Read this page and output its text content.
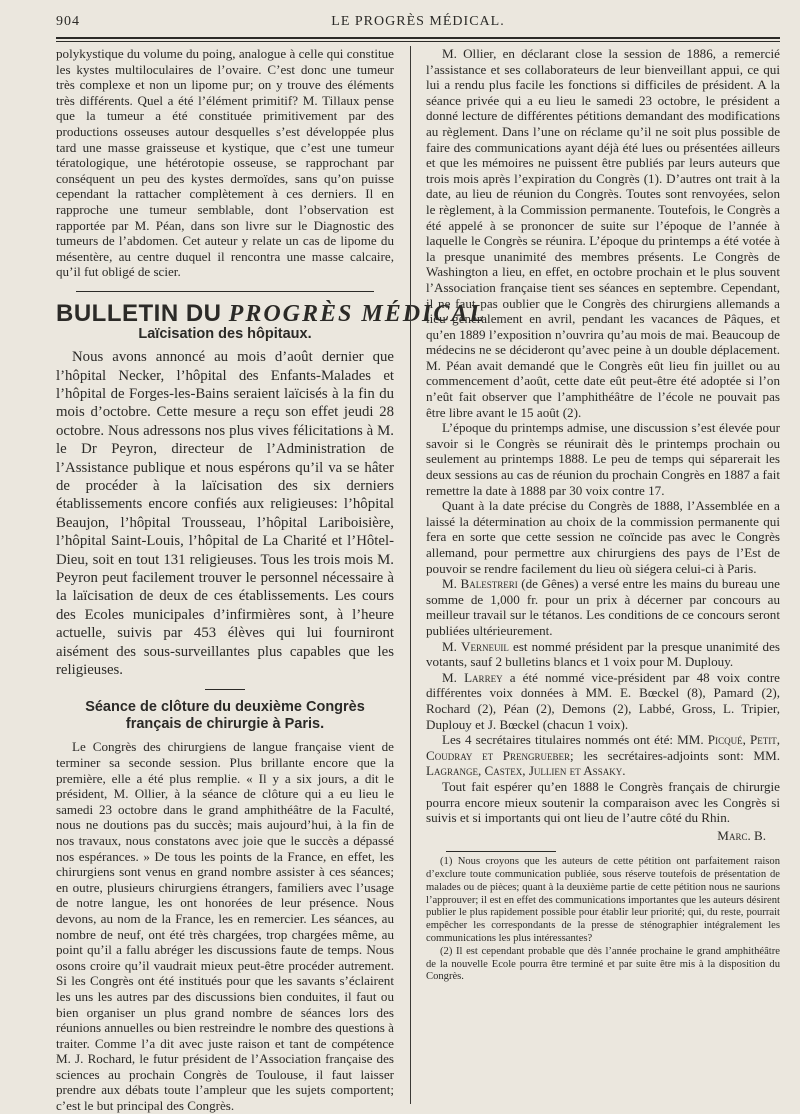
904	LE PROGRÈS MÉDICAL.

polykystique du volume du poing, analogue à celle qui constitue les kystes multiloculaires de l’ovaire. C’est donc une tumeur très complexe et non un lipome pur; on y trouve des éléments très différents. Quel a été l’élément primitif? M. Tillaux pense que la tumeur a été constituée primitivement par des productions osseuses autour desquelles s’est développée plus tard une masse graisseuse et kystique, que c’est une tumeur tératologique, une hétérotopie osseuse, se rapprochant par conséquent un peu des kystes dermoïdes, sans qu’on puisse cependant la rattacher complètement à ces derniers. Il en rapproche une tumeur semblable, dont l’observation est rapportée par M. Péan, dans son livre sur le Diagnostic des tumeurs de l’abdomen. Cet auteur y relate un cas de lipome du mésentère, au centre duquel il rencontra une masse calcaire, qu’il fut obligé de scier.

BULLETIN DU PROGRÈS MÉDICAL
Laïcisation des hôpitaux.

Nous avons annoncé au mois d’août dernier que l’hôpital Necker, l’hôpital des Enfants-Malades et l’hôpital de Forges-les-Bains seraient laïcisés à la fin du mois d’octobre. Cette mesure a reçu son effet jeudi 28 octobre. Nous adressons nos plus vives félicitations à M. le Dr Peyron, directeur de l’Administration de l’Assistance publique et nous espérons qu’il va se hâter de procéder à la laïcisation des six derniers établissements encore confiés aux religieuses: l’hôpital Beaujon, l’hôpital Trousseau, l’hôpital Lariboisière, l’hôpital Saint-Louis, l’hôpital de La Charité et l’Hôtel-Dieu, soit en tout 131 religieuses. Tous les trois mois M. Peyron peut facilement trouver le personnel nécessaire à la laïcisation de deux de ces établissements. Les cours des Ecoles municipales d’infirmières sont, à l’heure actuelle, suivis par 453 élèves qui lui fourniront aisément des sous-surveillantes plus capables que les religieuses.

Séance de clôture du deuxième Congrès français de chirurgie à Paris.

Le Congrès des chirurgiens de langue française vient de terminer sa seconde session. Plus brillante encore que la première, elle a été plus remplie. « Il y a six jours, a dit le président, M. Ollier, à la séance de clôture qui a eu lieu le samedi 23 octobre dans le grand amphithéâtre de la Faculté, nous ne doutions pas du succès; mais aujourd’hui, à la fin de nos travaux, nous constatons avec joie que le succès a dépassé nos espérances. » De tous les points de la France, en effet, les chirurgiens sont venus en grand nombre assister à ces séances; en outre, plusieurs chirurgiens étrangers, familiers avec l’usage de notre langue, les ont honorées de leur présence. Nous devons, au nom de la France, les en remercier. Les séances, au nombre de neuf, ont été très chargées, trop chargées même, au point qu’il a fallu abréger les discussions faute de temps. Nous osons croire qu’il vaudrait mieux peut-être procéder autrement. Si les Congrès ont été institués pour que les savants s’éclairent les uns les autres par des discussions bien conduites, il faut ou bien organiser un plus grand nombre de séances lors des réunions annuelles ou bien restreindre le nombre des questions à traiter. Comme l’a dit avec juste raison et tant de compétence M. J. Rochard, le futur président de l’Association française des sciences au prochain Congrès de Toulouse, il faut laisser prendre aux débats toute l’ampleur que les sujets comportent; c’est le but principal des Congrès.

M. Ollier, en déclarant close la session de 1886, a remercié l’assistance et ses collaborateurs de leur bienveillant appui, ce qui lui a rendu plus facile les fonctions si difficiles de président. A la séance privée qui a eu lieu le samedi 23 octobre, le président a donné lecture de différentes pétitions demandant des modifications au règlement. Dans l’une on réclame qu’il ne soit plus possible de faire des communications ayant déjà été lues ou présentées ailleurs et que les mémoires ne puissent être publiés par leurs auteurs que trois mois après l’expiration du Congrès (1). D’autres ont trait à la date, au lieu de réunion du Congrès. Toutes sont renvoyées, selon le règlement, à la Commission permanente. Toutefois, le Congrès a été appelé à se prononcer de suite sur l’époque de l’année à laquelle le Congrès se réunira. L’époque du printemps a été votée à la presque unanimité des membres présents. Le Congrès de Washington a lieu, en effet, en octobre prochain et le plus souvent l’Association française tient ses séances en septembre. Cependant, il ne faut pas oublier que le Congrès des chirurgiens allemands a lieu généralement en avril, pendant les vacances de Pâques, et qu’en 1889 l’exposition n’ouvrira qu’au mois de mai. Beaucoup de médecins ne se décideront qu’avec peine à un double déplacement. M. Péan avait demandé que le Congrès eût lieu fin juillet ou au commencement d’août, cette date eût peut-être été adoptée si l’on n’eût fait observer que l’amphithéâtre de l’école ne pouvait pas être libre avant le 15 août (2).

L’époque du printemps admise, une discussion s’est élevée pour savoir si le Congrès se réunirait dès le printemps prochain ou seulement au printemps 1888. Le peu de temps qui séparerait les deux sessions au cas de réunion du prochain Congrès en 1887 a fait remettre la date à 1888 par 30 voix contre 17.

Quant à la date précise du Congrès de 1888, l’Assemblée en a laissé la détermination au choix de la commission permanente qui fera en sorte que cette session ne coïncide pas avec le Congrès allemand, pour permettre aux chirurgiens des pays de l’Est de pouvoir se rendre facilement du lieu où siégera celui-ci à Paris.

M. Balestreri (de Gênes) a versé entre les mains du bureau une somme de 1,000 fr. pour un prix à décerner par concours au meilleur travail sur le tétanos. Les conditions de ce concours seront publiées ultérieurement.

M. Verneuil est nommé président par la presque unanimité des votants, sauf 2 bulletins blancs et 1 voix pour M. Duplouy.

M. Larrey a été nommé vice-président par 48 voix contre différentes voix données à MM. E. Bœckel (8), Pamard (2), Rochard (2), Péan (2), Demons (2), Labbé, Gross, L. Tripier, Duplouy et J. Bœckel (chacun 1 voix).

Les 4 secrétaires titulaires nommés ont été: MM. Picqué, Petit, Coudray et Prengrueber; les secrétaires-adjoints sont: MM. Lagrange, Castex, Jullien et Assaky.

Tout fait espérer qu’en 1888 le Congrès français de chirurgie pourra encore mieux soutenir la comparaison avec les Congrès si suivis et si importants qui ont lieu de l’autre côté du Rhin.

Marc. B.

(1) Nous croyons que les auteurs de cette pétition ont parfaitement raison d’exclure toute communication publiée, sous réserve toutefois de présentation de malades ou de pièces; quant à la deuxième partie de cette pétition nous ne saurions l’approuver; il est en effet des communications importantes que les auteurs désirent publier le plus rapidement possible pour établir leur priorité; qui, du reste, pourrait empêcher les correspondants de la presse de sténographier intégralement les communications les plus intéressantes?

(2) Il est cependant probable que dès l’année prochaine le grand amphithéâtre de la nouvelle Ecole pourra être terminé et par suite être mis à la disposition du Congrès.
